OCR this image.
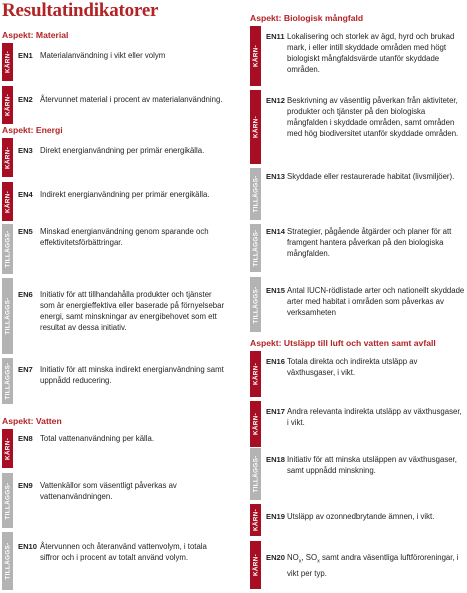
Resultatindikatorer
Aspekt: Material
KÄRN- EN1 Materialanvändning i vikt eller volym
KÄRN- EN2 Återvunnet material i procent av materialanvändning.
Aspekt: Energi
KÄRN- EN3 Direkt energianvändning per primär energikälla.
KÄRN- EN4 Indirekt energianvändning per primär energikälla.
TILLÄGGS- EN5 Minskad energianvändning genom sparande och effektivitetsförbättringar.
TILLÄGGS-
EN6 Initiativ för att tillhandahålla produkter och tjänster som är energieffektiva eller baserade på förnyelsebar energi, samt minskningar av energibehovet som ett resultat av dessa initiativ.
TILLÄGGS- EN7 Initiativ för att minska indirekt energianvändning samt uppnådd reducering.
Aspekt: Vatten
KÄRN- EN8 Total vattenanvändning per källa.
TILLÄGGS- EN9 Vattenkällor som väsentligt påverkas av vattenanvändningen.
TILLÄGGS- EN10 Återvunnen och återanvänd vattenvolym, i totala siffror och i procent av totalt använd volym.
Aspekt: Biologisk mångfald
KÄRN-
EN11 Lokalisering och storlek av ägd, hyrd och brukad mark, i eller intill skyddade områden med högt biologiskt mångfaldsvärde utanför skyddade områden.
KÄRN-
EN12 Beskrivning av väsentlig påverkan från aktiviteter, produkter och tjänster på den biologiska mångfalden i skyddade områden, samt områden med hög biodiversitet utanför skyddade områden.
TILLÄGGS- EN13 Skyddade eller restaurerade habitat (livsmiljöer).
TILLÄGGS- EN14 Strategier, pågående åtgärder och planer för att framgent hantera påverkan på den biologiska mångfalden.
TILLÄGGS- EN15 Antal IUCN-rödlistade arter och nationellt skyddade arter med habitat i områden som påverkas av verksamheten
Aspekt: Utsläpp till luft och vatten samt avfall
KÄRN-
EN16 Totala direkta och indirekta utsläpp av växthusgaser, i vikt.
KÄRN-
EN17 Andra relevanta indirekta utsläpp av växthusgaser, i vikt.
TILLÄGGS- EN18 Initiativ för att minska utsläppen av växthusgaser, samt uppnådd minskning.
KÄRN- EN19 Utsläpp av ozonnedbrytande ämnen, i vikt.
KÄRN- EN20 $NO_x$, $SO_x$ samt andra väsentliga luftföroreningar, i vikt per typ.
